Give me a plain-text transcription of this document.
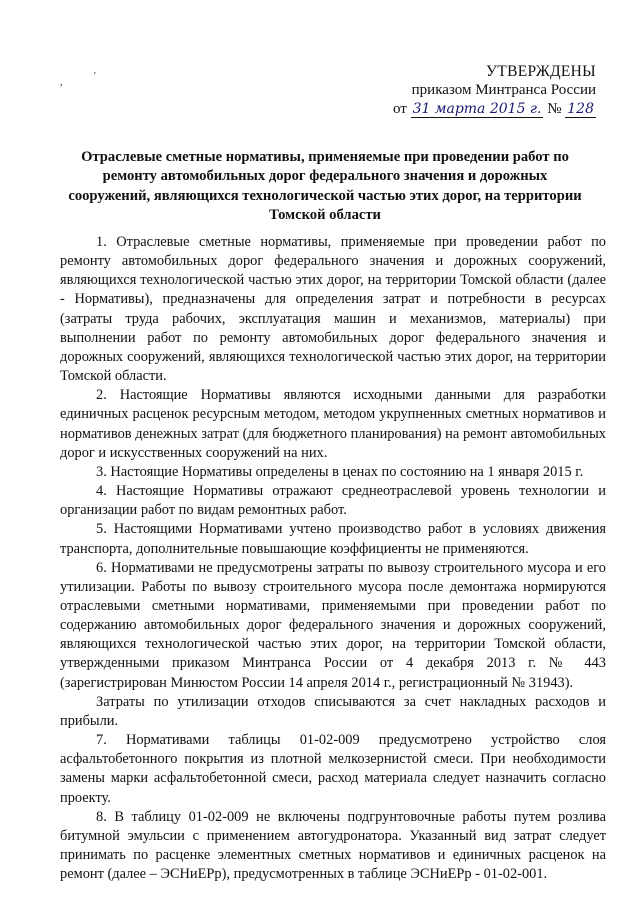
,
'	УТВЕРЖДЕНЫ
приказом Минтранса России
от 31 марта 2015 г. № 128
Отраслевые сметные нормативы, применяемые при проведении работ по ремонту автомобильных дорог федерального значения и дорожных сооружений, являющихся технологической частью этих дорог, на территории Томской области

1. Отраслевые сметные нормативы, применяемые при проведении работ по ремонту автомобильных дорог федерального значения и дорожных сооружений, являющихся технологической частью этих дорог, на территории Томской области (далее - Нормативы), предназначены для определения затрат и потребности в ресурсах (затраты труда рабочих, эксплуатация машин и механизмов, материалы) при выполнении работ по ремонту автомобильных дорог федерального значения и дорожных сооружений, являющихся технологической частью этих дорог, на территории Томской области.

2. Настоящие Нормативы являются исходными данными для разработки единичных расценок ресурсным методом, методом укрупненных сметных нормативов и нормативов денежных затрат (для бюджетного планирования) на ремонт автомобильных дорог и искусственных сооружений на них.

3. Настоящие Нормативы определены в ценах по состоянию на 1 января 2015 г.

4. Настоящие Нормативы отражают среднеотраслевой уровень технологии и организации работ по видам ремонтных работ.

5. Настоящими Нормативами учтено производство работ в условиях движения транспорта, дополнительные повышающие коэффициенты не применяются.

6. Нормативами не предусмотрены затраты по вывозу строительного мусора и его утилизации. Работы по вывозу строительного мусора после демонтажа нормируются отраслевыми сметными нормативами, применяемыми при проведении работ по содержанию автомобильных дорог федерального значения и дорожных сооружений, являющихся технологической частью этих дорог, на территории Томской области, утвержденными приказом Минтранса России от 4 декабря 2013 г. № 443 (зарегистрирован Минюстом России 14 апреля 2014 г., регистрационный № 31943).

Затраты по утилизации отходов списываются за счет накладных расходов и прибыли.

7. Нормативами таблицы 01-02-009 предусмотрено устройство слоя асфальтобетонного покрытия из плотной мелкозернистой смеси. При необходимости замены марки асфальтобетонной смеси, расход материала следует назначить согласно проекту.

8. В таблицу 01-02-009 не включены подгрунтовочные работы путем розлива битумной эмульсии с применением автогудронатора. Указанный вид затрат следует принимать по расценке элементных сметных нормативов и единичных расценок на ремонт (далее – ЭСНиЕРр), предусмотренных в таблице ЭСНиЕРр - 01-02-001.
